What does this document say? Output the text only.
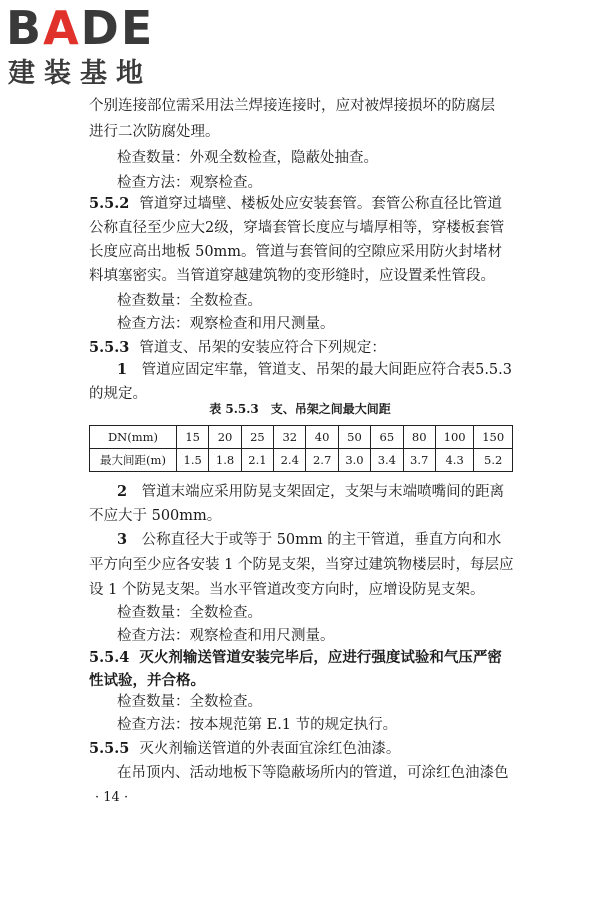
BADE
建装基地
个别连接部位需采用法兰焊接连接时，应对被焊接损坏的防腐层
进行二次防腐处理。
检查数量：外观全数检查，隐蔽处抽查。
检查方法：观察检查。
5.5.2 管道穿过墙壁、楼板处应安装套管。套管公称直径比管道
公称直径至少应大2级，穿墙套管长度应与墙厚相等，穿楼板套管
长度应高出地板 50mm。管道与套管间的空隙应采用防火封堵材
料填塞密实。当管道穿越建筑物的变形缝时，应设置柔性管段。
检查数量：全数检查。
检查方法：观察检查和用尺测量。
5.5.3 管道支、吊架的安装应符合下列规定：
1　 管道应固定牢靠，管道支、吊架的最大间距应符合表5.5.3
的规定。
表 5.5.3　支、吊架之间最大间距
DN(mm)	15	20	25	32	40	50	65	80	100	150
最大间距(m)	1.5	1.8	2.1	2.4	2.7	3.0	3.4	3.7	4.3	5.2
2　 管道末端应采用防晃支架固定，支架与末端喷嘴间的距离
不应大于 500mm。
3　 公称直径大于或等于 50mm 的主干管道，垂直方向和水
平方向至少应各安装 1 个防晃支架，当穿过建筑物楼层时，每层应
设 1 个防晃支架。当水平管道改变方向时，应增设防晃支架。
检查数量：全数检查。
检查方法：观察检查和用尺测量。
5.5.4 灭火剂输送管道安装完毕后，应进行强度试验和气压严密
性试验，并合格。
检查数量：全数检查。
检查方法：按本规范第 E.1 节的规定执行。
5.5.5 灭火剂输送管道的外表面宜涂红色油漆。
在吊顶内、活动地板下等隐蔽场所内的管道，可涂红色油漆色
· 14 ·
